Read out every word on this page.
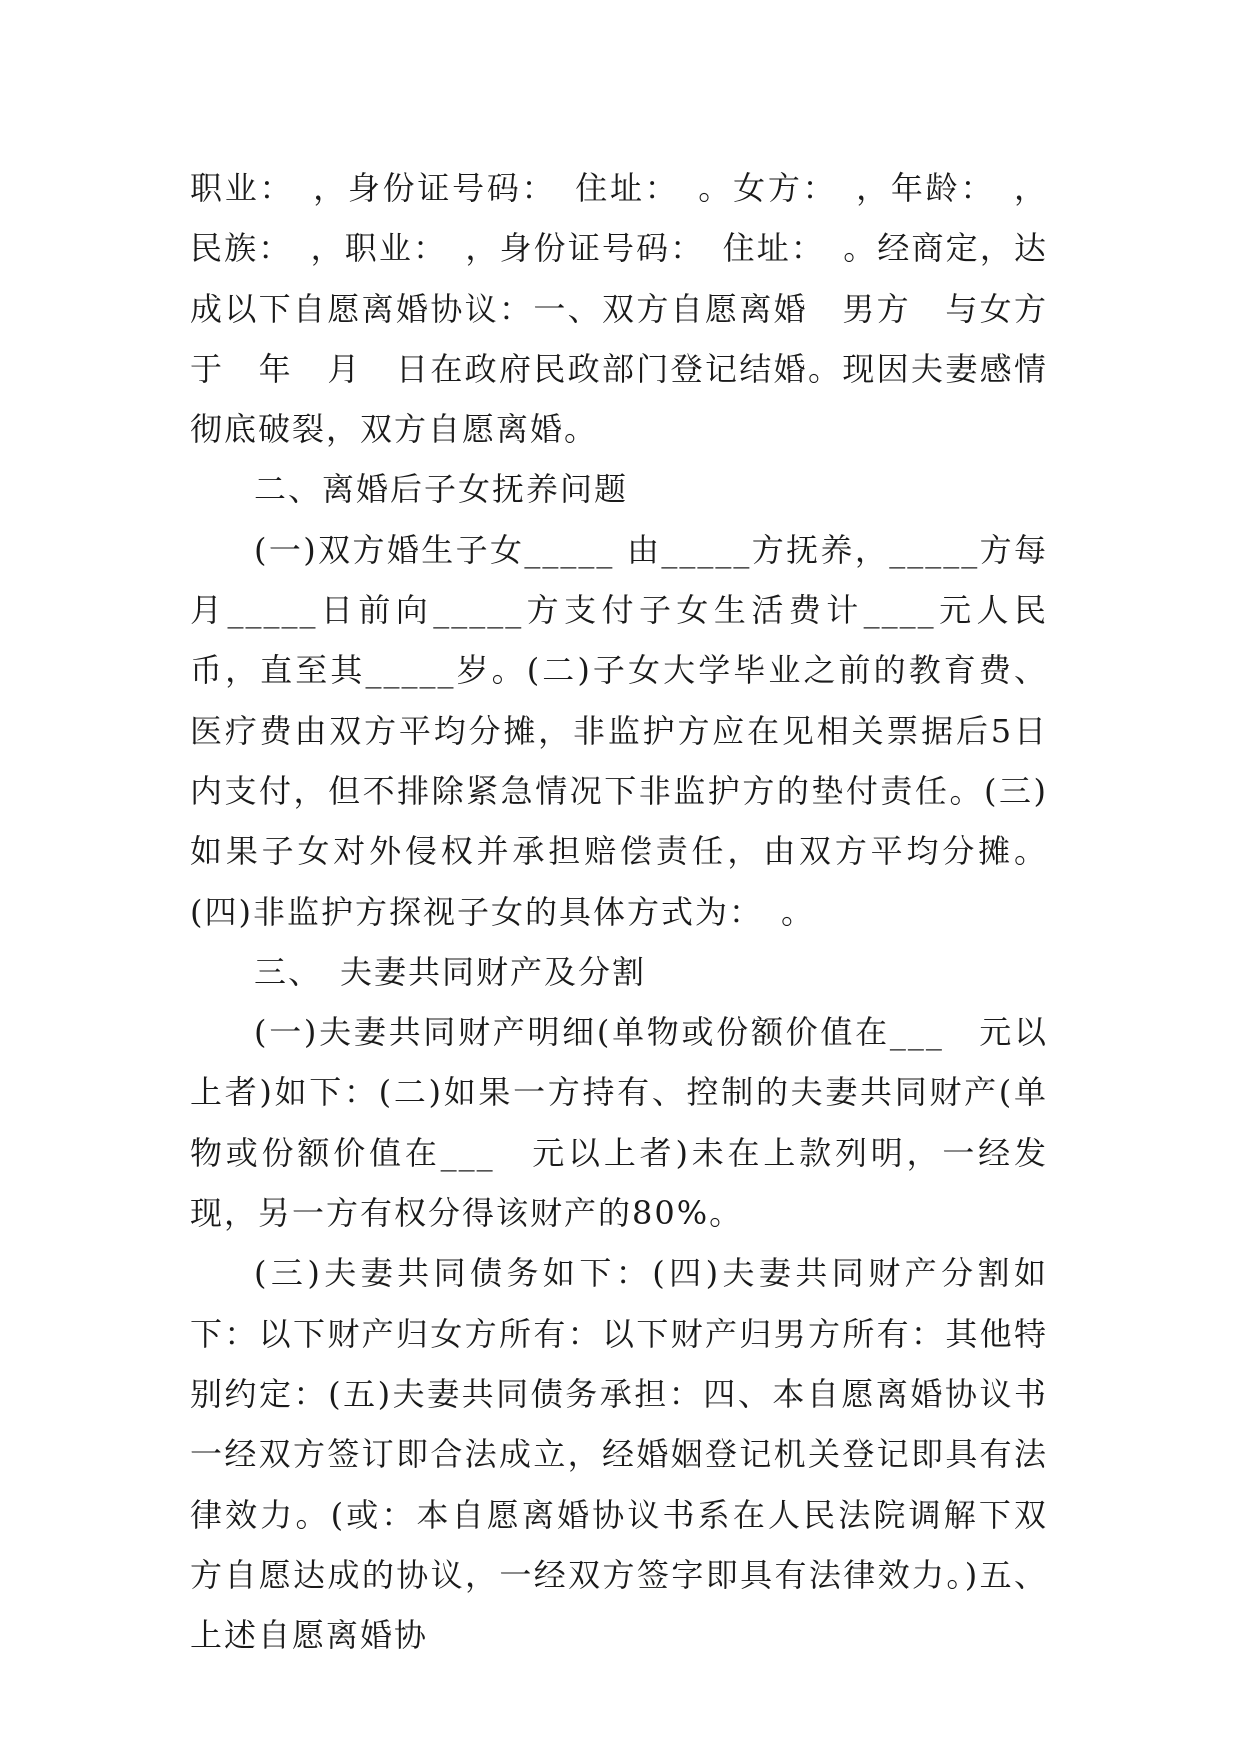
职业：　，身份证号码：　住址：　。女方：　，年龄：　，民族：　，职业：　，身份证号码：　住址：　。经商定，达成以下自愿离婚协议：一、双方自愿离婚　男方　与女方　于　年　月　日在政府民政部门登记结婚。现因夫妻感情彻底破裂，双方自愿离婚。

二、离婚后子女抚养问题

(一)双方婚生子女_____ 由_____方抚养，_____方每月_____日前向_____方支付子女生活费计____元人民币，直至其_____岁。(二)子女大学毕业之前的教育费、医疗费由双方平均分摊，非监护方应在见相关票据后5日内支付，但不排除紧急情况下非监护方的垫付责任。(三)如果子女对外侵权并承担赔偿责任，由双方平均分摊。(四)非监护方探视子女的具体方式为：　。

三、　夫妻共同财产及分割

(一)夫妻共同财产明细(单物或份额价值在___　元以上者)如下：(二)如果一方持有、控制的夫妻共同财产(单物或份额价值在___　元以上者)未在上款列明，一经发现，另一方有权分得该财产的80%。

(三)夫妻共同债务如下：(四)夫妻共同财产分割如下：以下财产归女方所有：以下财产归男方所有：其他特别约定：(五)夫妻共同债务承担：四、本自愿离婚协议书一经双方签订即合法成立，经婚姻登记机关登记即具有法律效力。(或：本自愿离婚协议书系在人民法院调解下双方自愿达成的协议，一经双方签字即具有法律效力。)五、上述自愿离婚协
